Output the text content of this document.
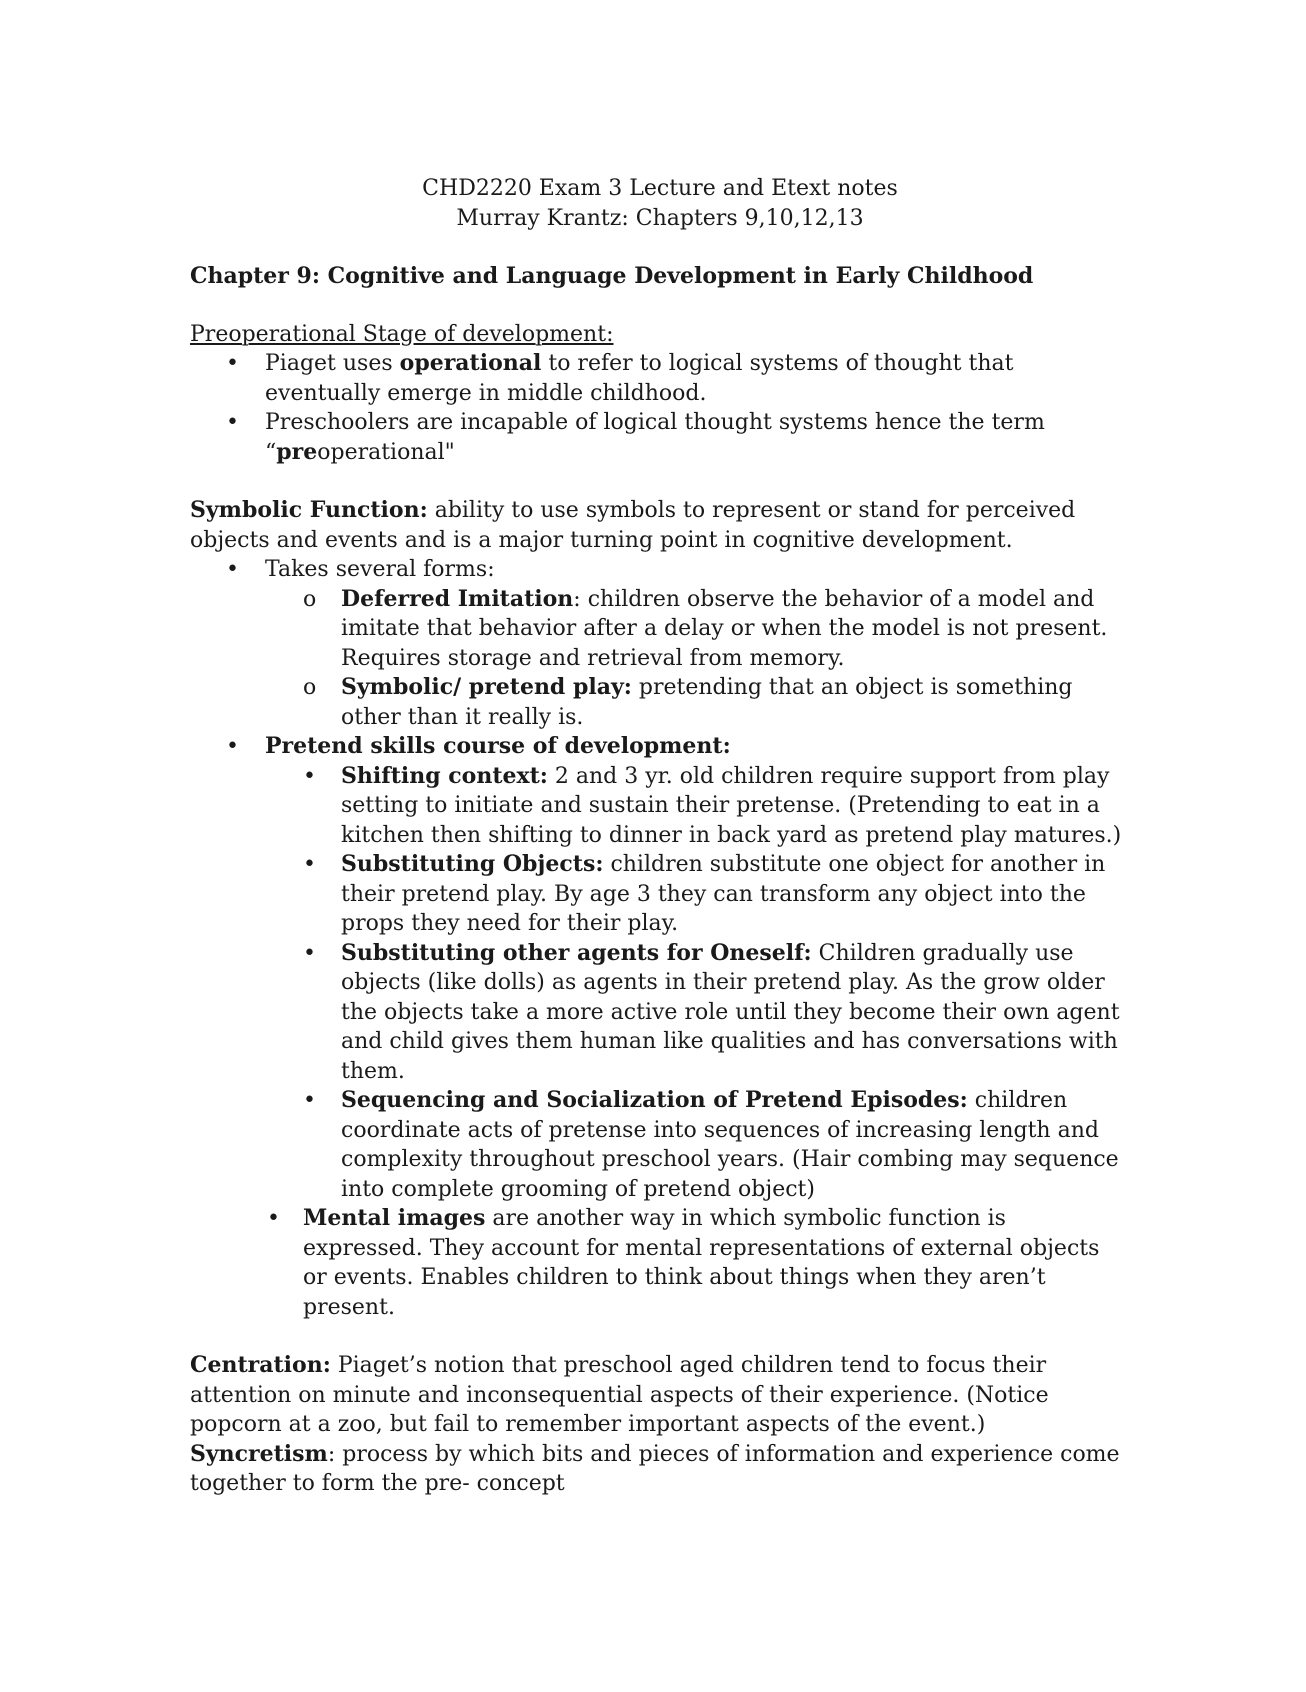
CHD2220 Exam 3 Lecture and Etext notes
Murray Krantz: Chapters 9,10,12,13
Chapter 9: Cognitive and Language Development in Early Childhood
Preoperational Stage of development:
• Piaget uses operational to refer to logical systems of thought that eventually emerge in middle childhood.
• Preschoolers are incapable of logical thought systems hence the term “preoperational"
Symbolic Function: ability to use symbols to represent or stand for perceived objects and events and is a major turning point in cognitive development.
• Takes several forms:
o Deferred Imitation: children observe the behavior of a model and imitate that behavior after a delay or when the model is not present. Requires storage and retrieval from memory.
o Symbolic/ pretend play: pretending that an object is something other than it really is.
• Pretend skills course of development:
• Shifting context: 2 and 3 yr. old children require support from play setting to initiate and sustain their pretense. (Pretending to eat in a kitchen then shifting to dinner in back yard as pretend play matures.)
• Substituting Objects: children substitute one object for another in their pretend play. By age 3 they can transform any object into the props they need for their play.
• Substituting other agents for Oneself: Children gradually use objects (like dolls) as agents in their pretend play. As the grow older the objects take a more active role until they become their own agent and child gives them human like qualities and has conversations with them.
• Sequencing and Socialization of Pretend Episodes: children coordinate acts of pretense into sequences of increasing length and complexity throughout preschool years. (Hair combing may sequence into complete grooming of pretend object)
• Mental images are another way in which symbolic function is expressed. They account for mental representations of external objects or events. Enables children to think about things when they aren’t present.
Centration: Piaget’s notion that preschool aged children tend to focus their attention on minute and inconsequential aspects of their experience. (Notice popcorn at a zoo, but fail to remember important aspects of the event.)
Syncretism: process by which bits and pieces of information and experience come together to form the pre- concept
